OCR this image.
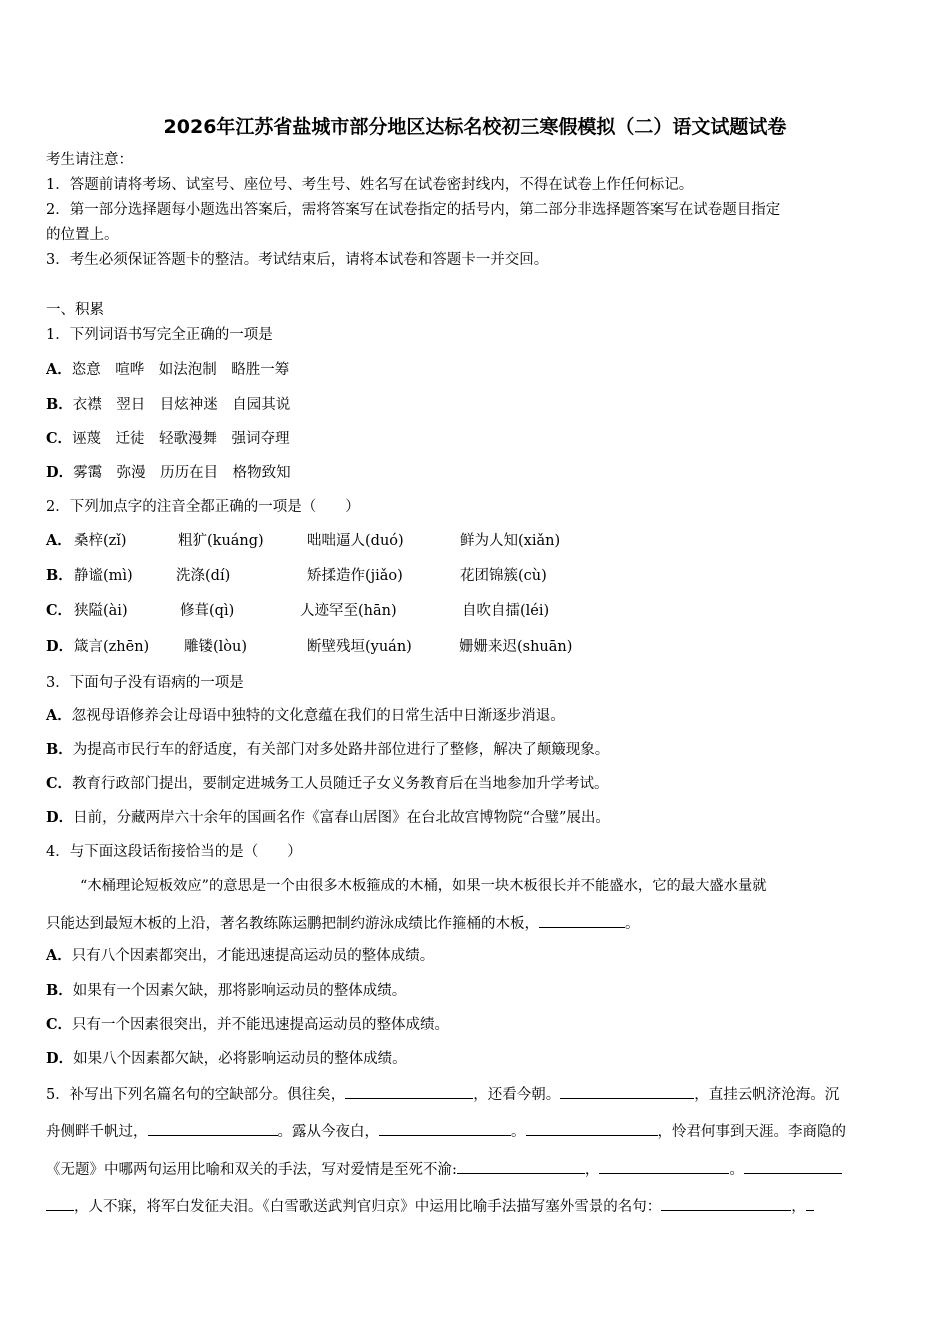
2026年江苏省盐城市部分地区达标名校初三寒假模拟（二）语文试题试卷
考生请注意：
1．答题前请将考场、试室号、座位号、考生号、姓名写在试卷密封线内，不得在试卷上作任何标记。
2．第一部分选择题每小题选出答案后，需将答案写在试卷指定的括号内，第二部分非选择题答案写在试卷题目指定
的位置上。
3．考生必须保证答题卡的整洁。考试结束后，请将本试卷和答题卡一并交回。
一、积累
1．下列词语书写完全正确的一项是
A．恣意　喧哗　如法泡制　略胜一筹
B．衣襟　翌日　目炫神迷　自园其说
C．诬蔑　迁徒　轻歌漫舞　强词夺理
D．雾霭　弥漫　历历在目　格物致知
2．下列加点字的注音全都正确的一项是（　　）
A． 桑梓(zǐ)	粗犷(kuáng)	咄咄逼人(duó)	鲜为人知(xiǎn)
B． 静谧(mì)	洗涤(dí)	矫揉造作(jiǎo)	花团锦簇(cù)
C． 狭隘(ài)	修葺(qì)	人迹罕至(hān)	自吹自擂(léi)
D． 箴言(zhēn) 雕镂(lòu)	断壁残垣(yuán)	姗姗来迟(shuān)
3．下面句子没有语病的一项是
A．忽视母语修养会让母语中独特的文化意蕴在我们的日常生活中日渐逐步消退。
B．为提高市民行车的舒适度，有关部门对多处路井部位进行了整修，解决了颠簸现象。
C．教育行政部门提出，要制定进城务工人员随迁子女义务教育后在当地参加升学考试。
D．日前，分藏两岸六十余年的国画名作《富春山居图》在台北故宫博物院“合璧”展出。
4．与下面这段话衔接恰当的是（　　）
“木桶理论短板效应”的意思是一个由很多木板箍成的木桶，如果一块木板很长并不能盛水，它的最大盛水量就
只能达到最短木板的上沿，著名教练陈运鹏把制约游泳成绩比作箍桶的木板，	。
A．只有八个因素都突出，才能迅速提高运动员的整体成绩。
B．如果有一个因素欠缺，那将影响运动员的整体成绩。
C．只有一个因素很突出，并不能迅速提高运动员的整体成绩。
D．如果八个因素都欠缺，必将影响运动员的整体成绩。
5．补写出下列名篇名句的空缺部分。俱往矣，	，还看今朝。	，直挂云帆济沧海。沉
舟侧畔千帆过，	。露从今夜白，	。	，怜君何事到天涯。李商隐的
《无题》中哪两句运用比喻和双关的手法，写对爱情是至死不渝:	，	。
，人不寐，将军白发征夫泪。《白雪歌送武判官归京》中运用比喻手法描写塞外雪景的名句：	，
